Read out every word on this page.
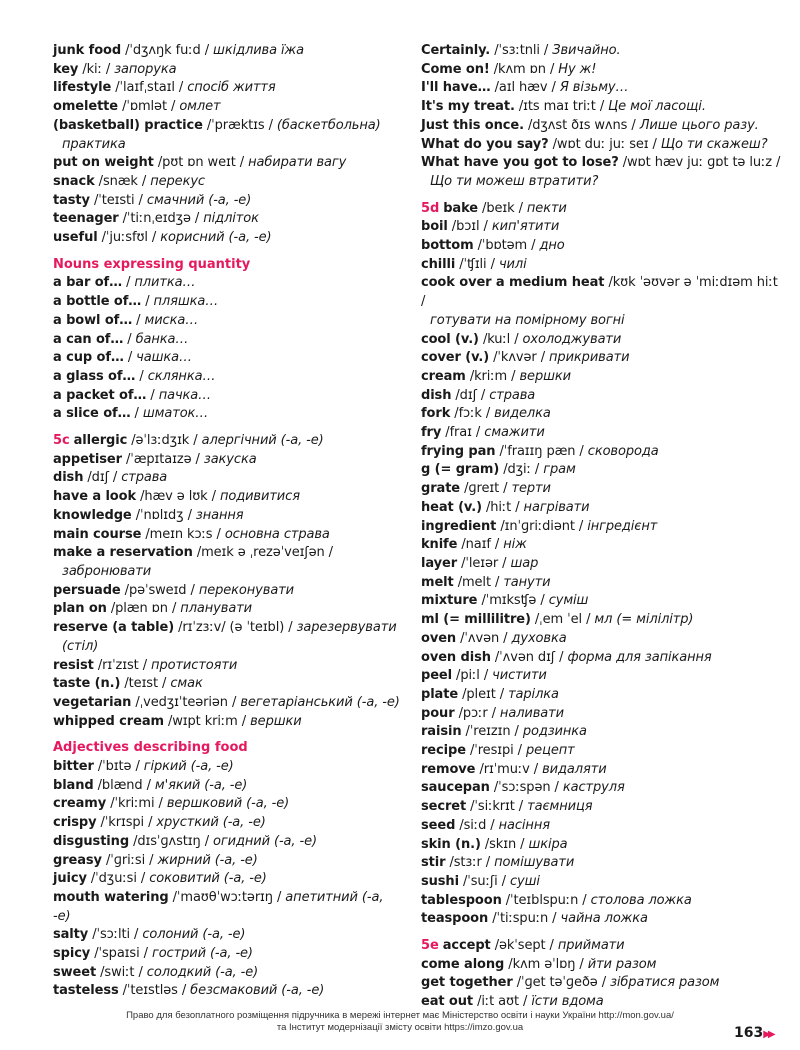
junk food /ˈdʒʌŋk fuːd / шкідлива їжа
key /kiː / запорука
lifestyle /ˈlaɪfˌstaɪl / спосіб життя
omelette /ˈɒmlət / омлет
(basketball) practice /ˈpræktɪs / (баскетбольна)
практика
put on weight /pʊt ɒn weɪt / набирати вагу
snack /snæk / перекус
tasty /ˈteɪsti / смачний (-а, -е)
teenager /ˈtiːnˌeɪdʒə / підліток
useful /ˈjuːsfʊl / корисний (-а, -е)
Nouns expressing quantity
a bar of… / плитка…
a bottle of… / пляшка…
a bowl of… / миска…
a can of… / банка…
a cup of… / чашка…
a glass of… / склянка…
a packet of… / пачка…
a slice of… / шматок…
5c allergic /əˈlɜːdʒɪk / алергічний (-а, -е)
appetiser /ˈæpɪtaɪzə / закуска
dish /dɪʃ / страва
have a look /hæv ə lʊk / подивитися
knowledge /ˈnɒlɪdʒ / знання
main course /meɪn kɔːs / основна страва
make a reservation /meɪk ə ˌrezəˈveɪʃən /
забронювати
persuade /pəˈsweɪd / переконувати
plan on /plæn ɒn / планувати
reserve (a table) /rɪˈzɜːv/ (ə ˈteɪbl) / зарезервувати
(стіл)
resist /rɪˈzɪst / протистояти
taste (n.) /teɪst / смак
vegetarian /ˌvedʒɪˈteəriən / вегетаріанський (-а, -е)
whipped cream /wɪpt kriːm / вершки
Adjectives describing food
bitter /ˈbɪtə / гіркий (-а, -е)
bland /blænd / м'який (-а, -е)
creamy /ˈkriːmi / вершковий (-а, -е)
crispy /ˈkrɪspi / хрусткий (-а, -е)
disgusting /dɪsˈɡʌstɪŋ / огидний (-а, -е)
greasy /ˈɡriːsi / жирний (-а, -е)
juicy /ˈdʒuːsi / соковитий (-а, -е)
mouth watering /ˈmaʊθˈwɔːtərɪŋ / апетитний (-а, -е)
salty /ˈsɔːlti / солоний (-а, -е)
spicy /ˈspaɪsi / гострий (-а, -е)
sweet /swiːt / солодкий (-а, -е)
tasteless /ˈteɪstləs / безсмаковий (-а, -е)
Certainly. /ˈsɜːtnli / Звичайно.
Come on! /kʌm ɒn / Ну ж!
I'll have… /aɪl hæv / Я візьму…
It's my treat. /ɪts maɪ triːt / Це мої ласощі.
Just this once. /dʒʌst ðɪs wʌns / Лише цього разу.
What do you say? /wɒt duː juː seɪ / Що ти скажеш?
What have you got to lose? /wɒt hæv juː ɡɒt tə luːz /
Що ти можеш втратити?
5d bake /beɪk / пекти
boil /bɔɪl / кип'ятити
bottom /ˈbɒtəm / дно
chilli /ˈʧɪli / чилі
cook over a medium heat /kʊk ˈəʊvər ə ˈmiːdɪəm hiːt /
готувати на помірному вогні
cool (v.) /kuːl / охолоджувати
cover (v.) /ˈkʌvər / прикривати
cream /kriːm / вершки
dish /dɪʃ / страва
fork /fɔːk / виделка
fry /fraɪ / смажити
frying pan /ˈfraɪɪŋ pæn / сковорода
g (= gram) /dʒiː / грам
grate /ɡreɪt / терти
heat (v.) /hiːt / нагрівати
ingredient /ɪnˈɡriːdiənt / інгредієнт
knife /naɪf / ніж
layer /ˈleɪər / шар
melt /melt / танути
mixture /ˈmɪksʧə / суміш
ml (= millilitre) /ˌem ˈel / мл (= мілілітр)
oven /ˈʌvən / духовка
oven dish /ˈʌvən dɪʃ / форма для запікання
peel /piːl / чистити
plate /pleɪt / тарілка
pour /pɔːr / наливати
raisin /ˈreɪzɪn / родзинка
recipe /ˈresɪpi / рецепт
remove /rɪˈmuːv / видаляти
saucepan /ˈsɔːspən / каструля
secret /ˈsiːkrɪt / таємниця
seed /siːd / насіння
skin (n.) /skɪn / шкіра
stir /stɜːr / помішувати
sushi /ˈsuːʃi / суші
tablespoon /ˈteɪblspuːn / столова ложка
teaspoon /ˈtiːspuːn / чайна ложка
5e accept /əkˈsept / приймати
come along /kʌm əˈlɒŋ / йти разом
get together /ˈɡet təˈɡeðə / зібратися разом
eat out /iːt aʊt / їсти вдома
163▶▶
Право для безоплатного розміщення підручника в мережі інтернет має Міністерство освіти і науки України http://mon.gov.ua/
та Інститут модернізації змісту освіти https://imzo.gov.ua
